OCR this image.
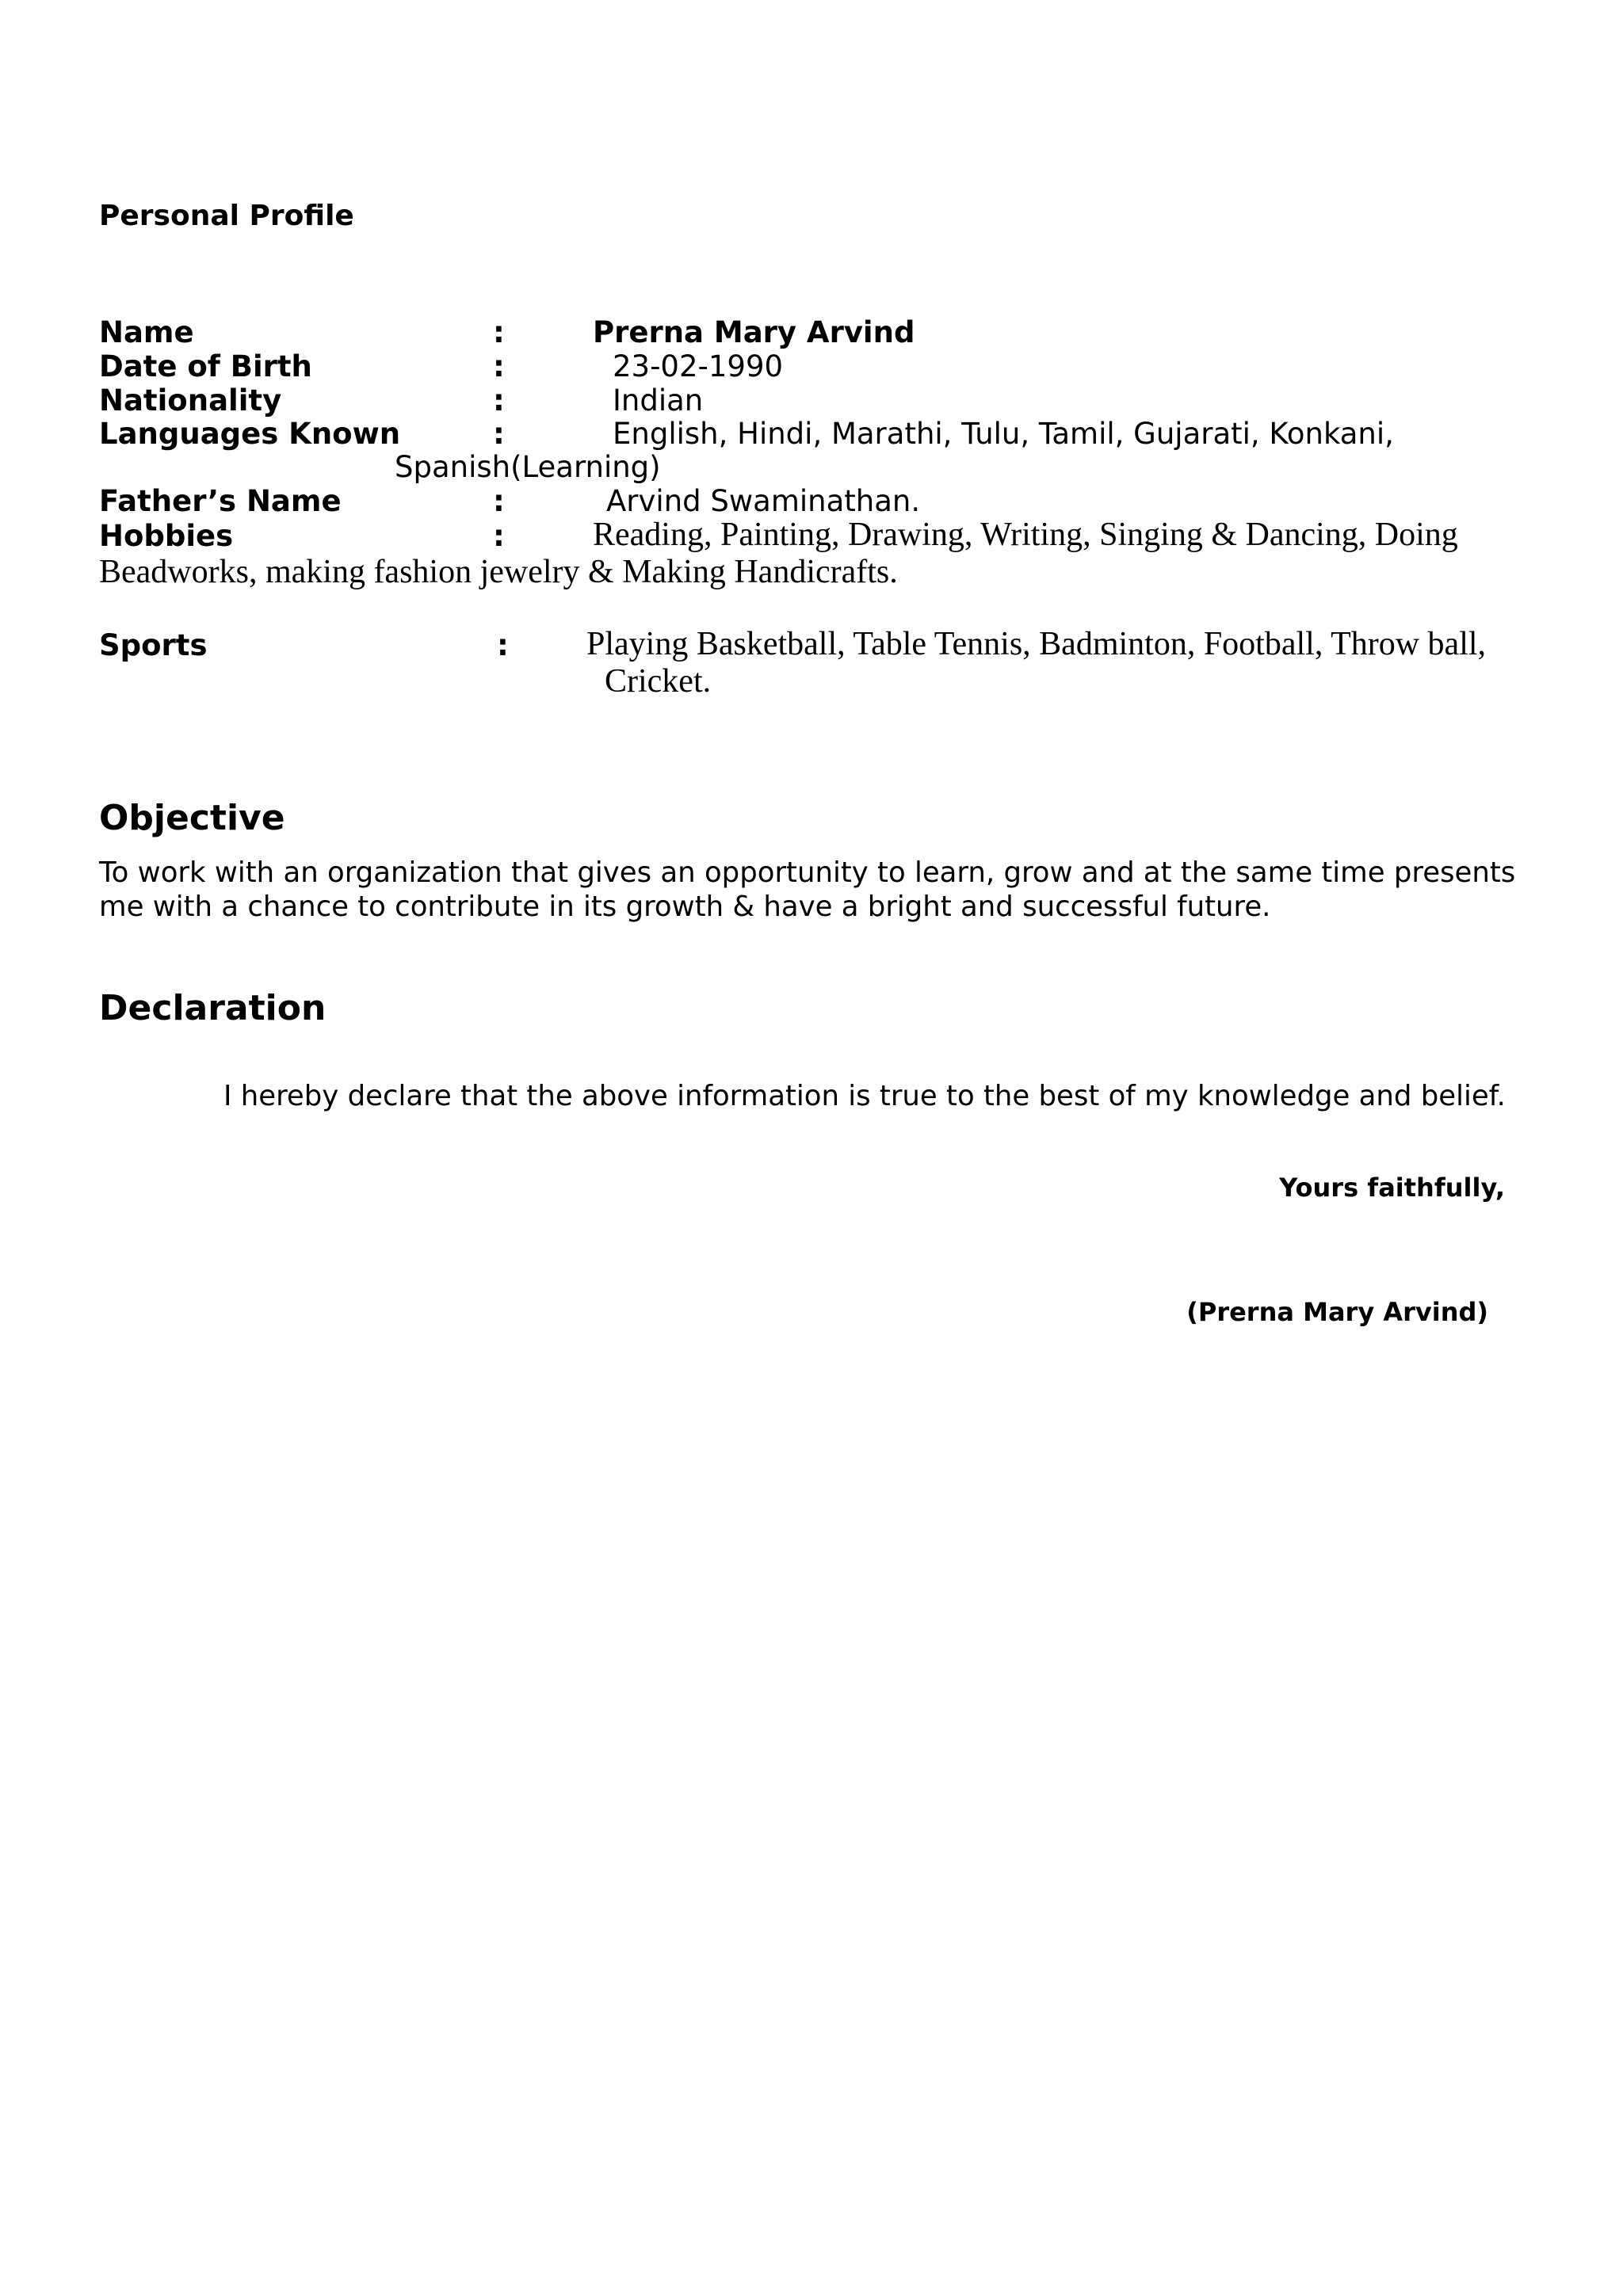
Personal Profile
Name	:	Prerna Mary Arvind
Date of Birth	:	23-02-1990
Nationality	:	Indian
Languages Known	:	English, Hindi, Marathi, Tulu, Tamil, Gujarati, Konkani,
Spanish(Learning)
Father’s Name	:	Arvind Swaminathan.
Hobbies	:	Reading, Painting, Drawing, Writing, Singing & Dancing, Doing
Beadworks, making fashion jewelry & Making Handicrafts.
Sports	: Playing Basketball, Table Tennis, Badminton, Football, Throw ball,
Cricket.
Objective
To work with an organization that gives an opportunity to learn, grow and at the same time presents
me with a chance to contribute in its growth & have a bright and successful future.
Declaration
I hereby declare that the above information is true to the best of my knowledge and belief.
Yours faithfully,
(Prerna Mary Arvind)
